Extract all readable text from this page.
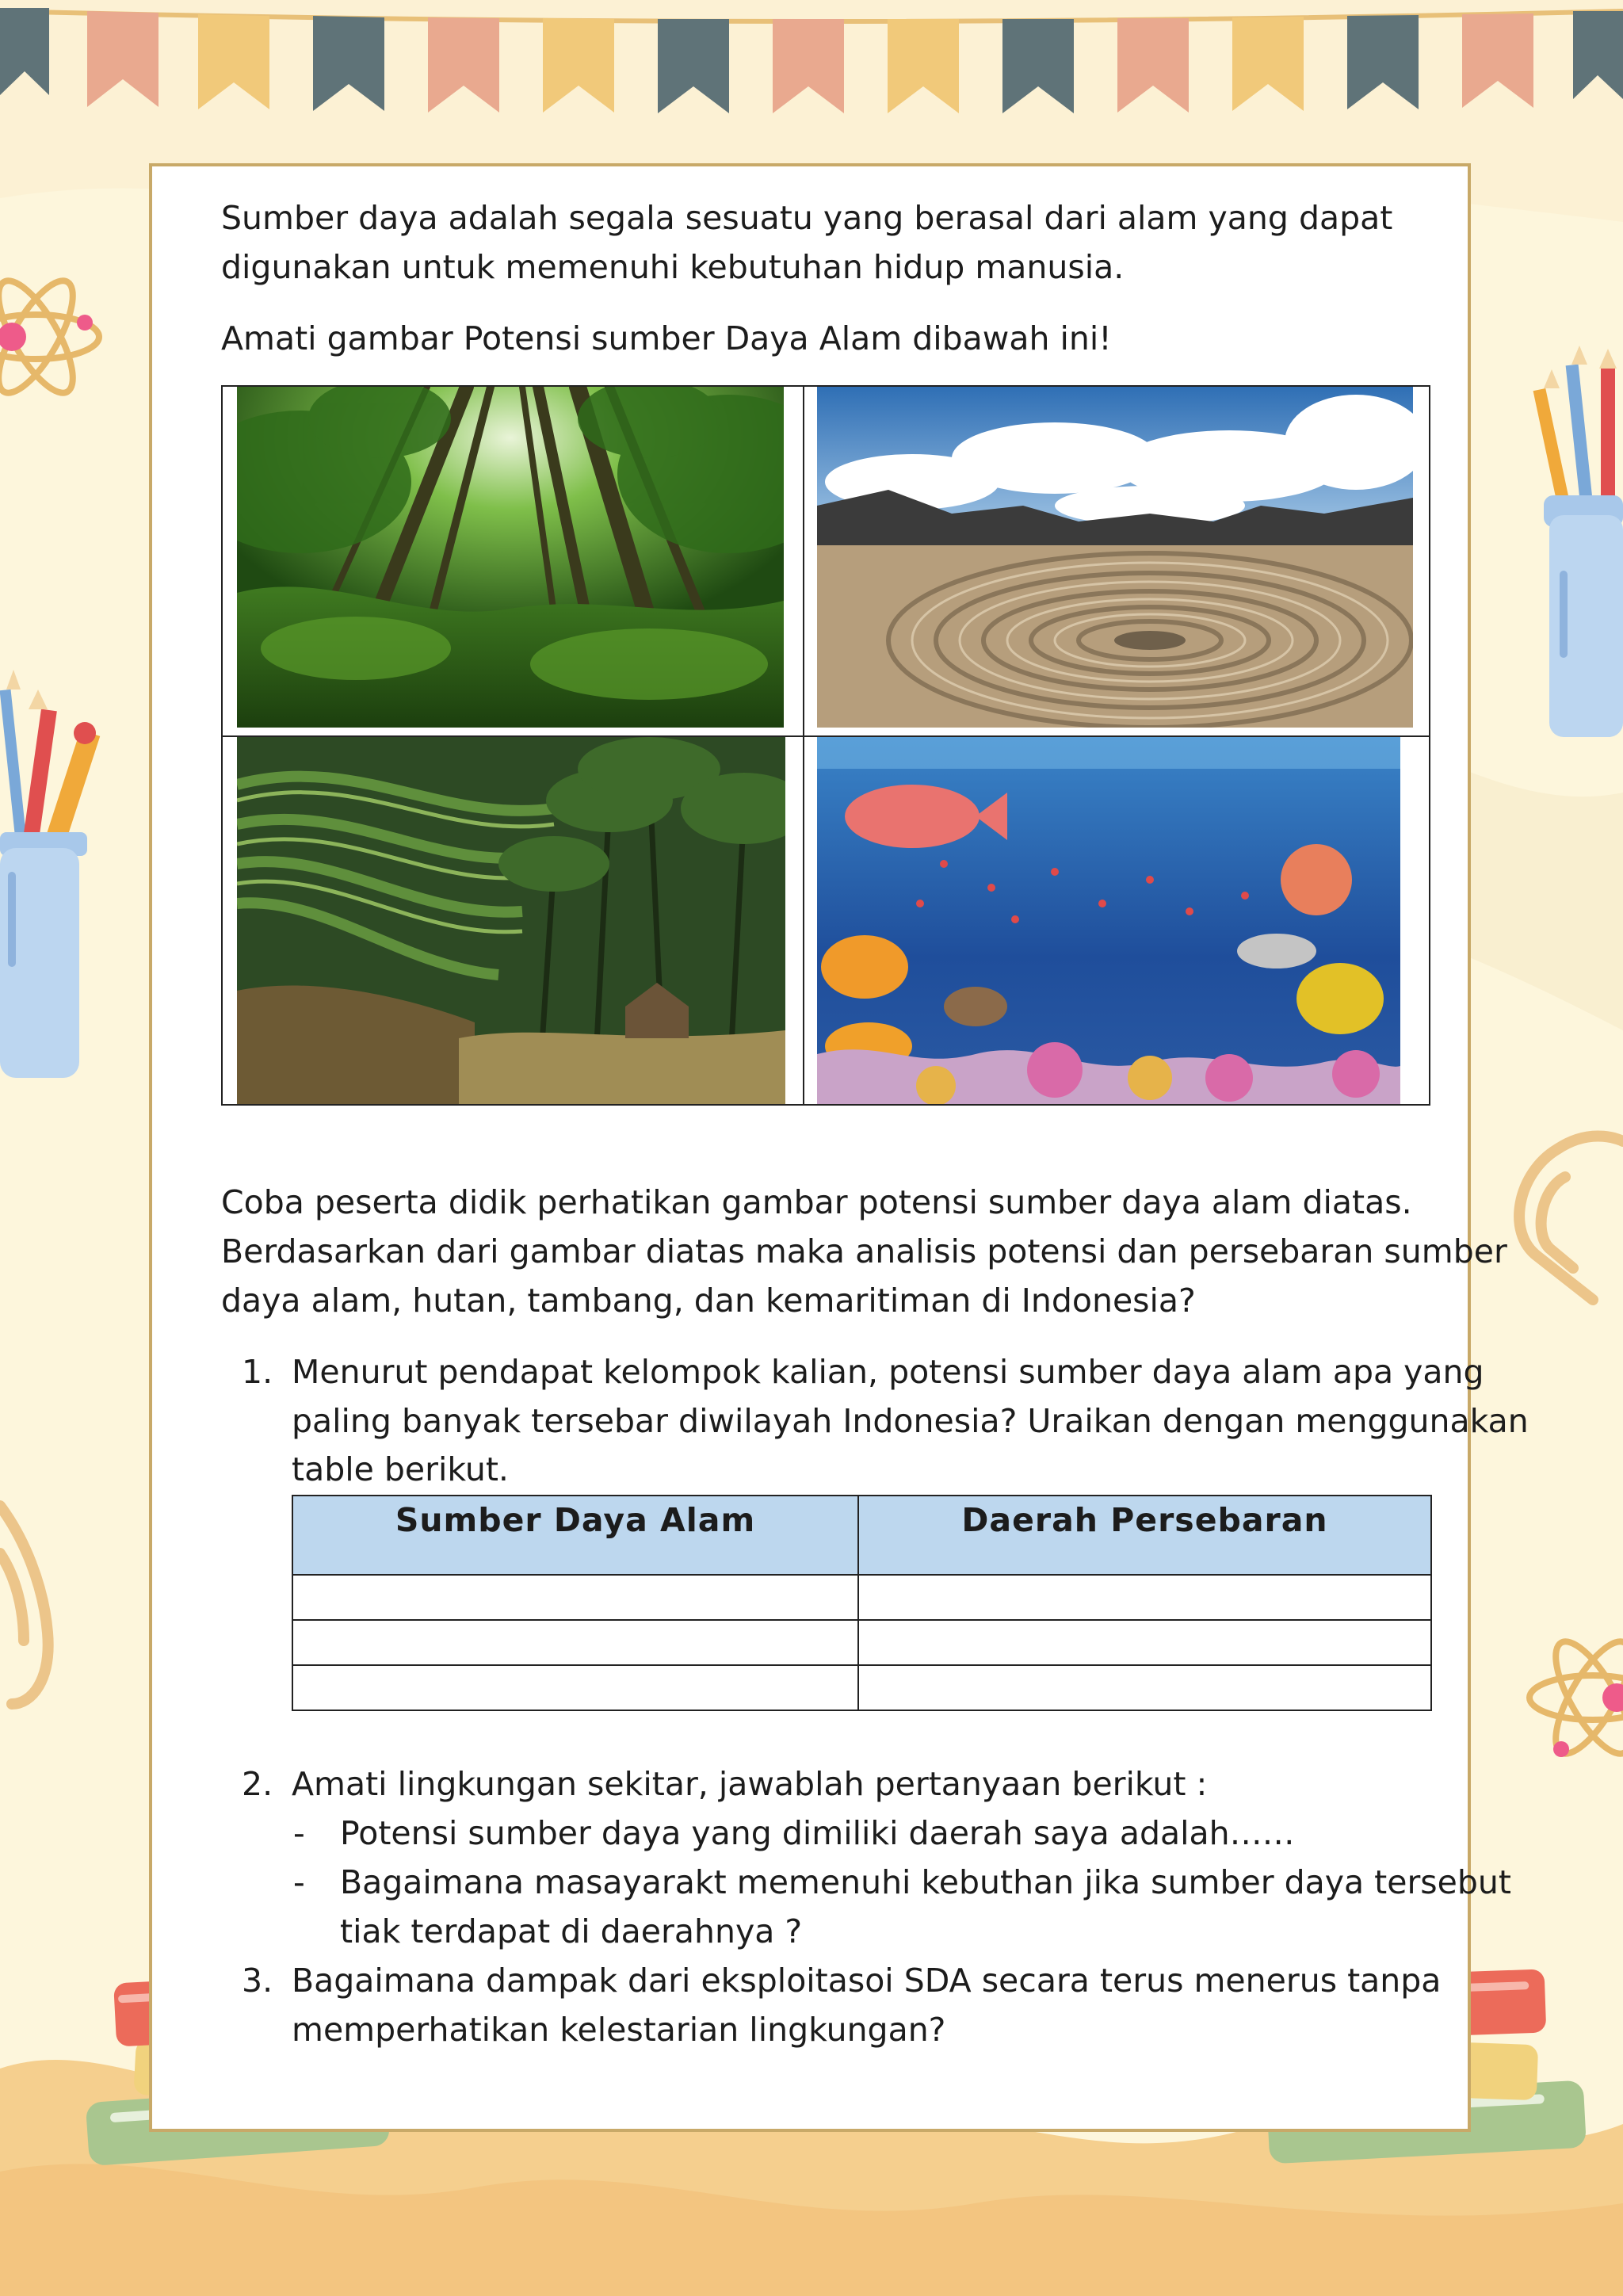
Sumber daya adalah segala sesuatu yang berasal dari alam yang dapat
digunakan untuk memenuhi kebutuhan hidup manusia.
Amati gambar Potensi sumber Daya Alam dibawah ini!
Coba peserta didik perhatikan gambar potensi sumber daya alam diatas.
Berdasarkan dari gambar diatas maka analisis potensi dan persebaran sumber
daya alam, hutan, tambang, dan kemaritiman di Indonesia?
1. Menurut pendapat kelompok kalian, potensi sumber daya alam apa yang
paling banyak tersebar diwilayah Indonesia? Uraikan dengan menggunakan
table berikut.
Sumber Daya Alam	Daerah Persebaran

2. Amati lingkungan sekitar, jawablah pertanyaan berikut :
- Potensi sumber daya yang dimiliki daerah saya adalah……
- Bagaimana masayarakt memenuhi kebuthan jika sumber daya tersebut
tiak terdapat di daerahnya ?
3. Bagaimana dampak dari eksploitasoi SDA secara terus menerus tanpa
memperhatikan kelestarian lingkungan?
